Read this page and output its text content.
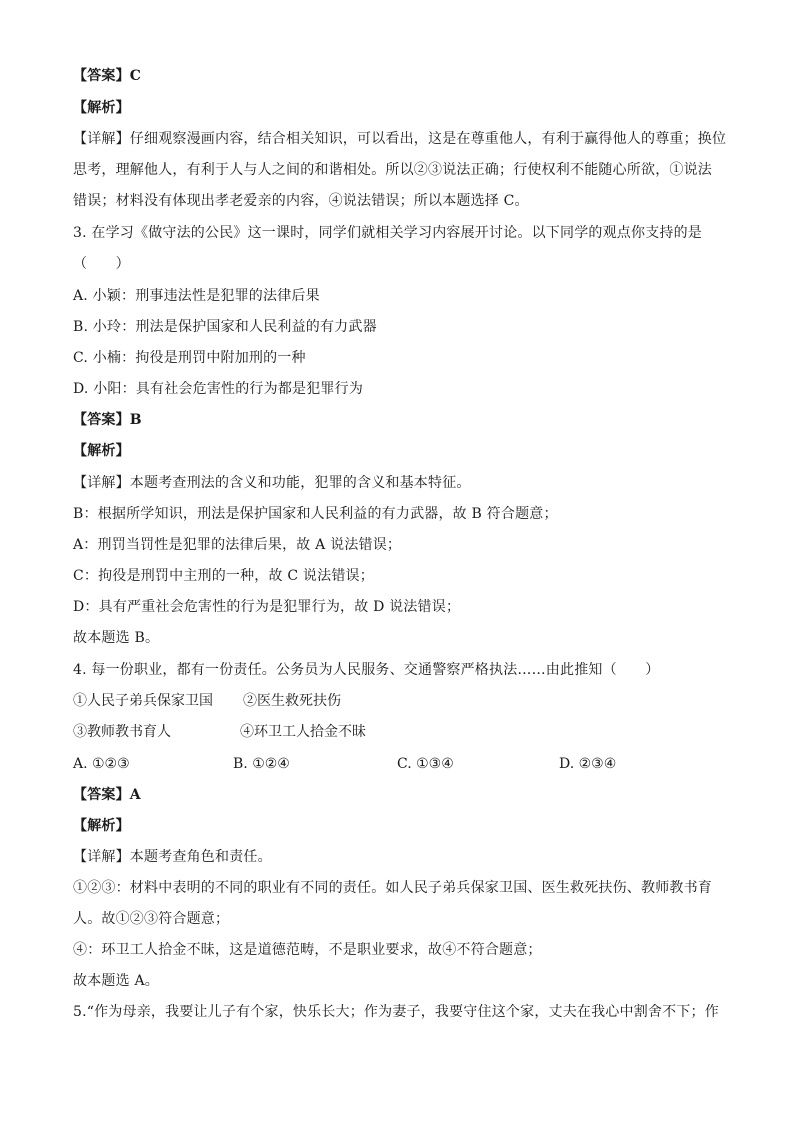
【答案】C
【解析】
【详解】仔细观察漫画内容，结合相关知识，可以看出，这是在尊重他人，有利于赢得他人的尊重；换位
思考，理解他人，有利于人与人之间的和谐相处。所以②③说法正确；行使权利不能随心所欲，①说法
错误；材料没有体现出孝老爱亲的内容，④说法错误；所以本题选择 C。
3. 在学习《做守法的公民》这一课时，同学们就相关学习内容展开讨论。以下同学的观点你支持的是
（　　）
A. 小颖：刑事违法性是犯罪的法律后果
B. 小玲：刑法是保护国家和人民利益的有力武器
C. 小楠：拘役是刑罚中附加刑的一种
D. 小阳：具有社会危害性的行为都是犯罪行为
【答案】B
【解析】
【详解】本题考查刑法的含义和功能，犯罪的含义和基本特征。
B：根据所学知识，刑法是保护国家和人民利益的有力武器，故 B 符合题意；
A：刑罚当罚性是犯罪的法律后果，故 A 说法错误；
C：拘役是刑罚中主刑的一种，故 C 说法错误；
D：具有严重社会危害性的行为是犯罪行为，故 D 说法错误；
故本题选 B。
4. 每一份职业，都有一份责任。公务员为人民服务、交通警察严格执法……由此推知（　　）
①人民子弟兵保家卫国 ②医生救死扶伤
③教师教书育人	④环卫工人拾金不昧
A. ①②③	B. ①②④	C. ①③④	D. ②③④
【答案】A
【解析】
【详解】本题考查角色和责任。
①②③：材料中表明的不同的职业有不同的责任。如人民子弟兵保家卫国、医生救死扶伤、教师教书育
人。故①②③符合题意；
④：环卫工人拾金不昧，这是道德范畴，不是职业要求，故④不符合题意；
故本题选 A。
5.“作为母亲，我要让儿子有个家，快乐长大；作为妻子，我要守住这个家，丈夫在我心中割舍不下；作
